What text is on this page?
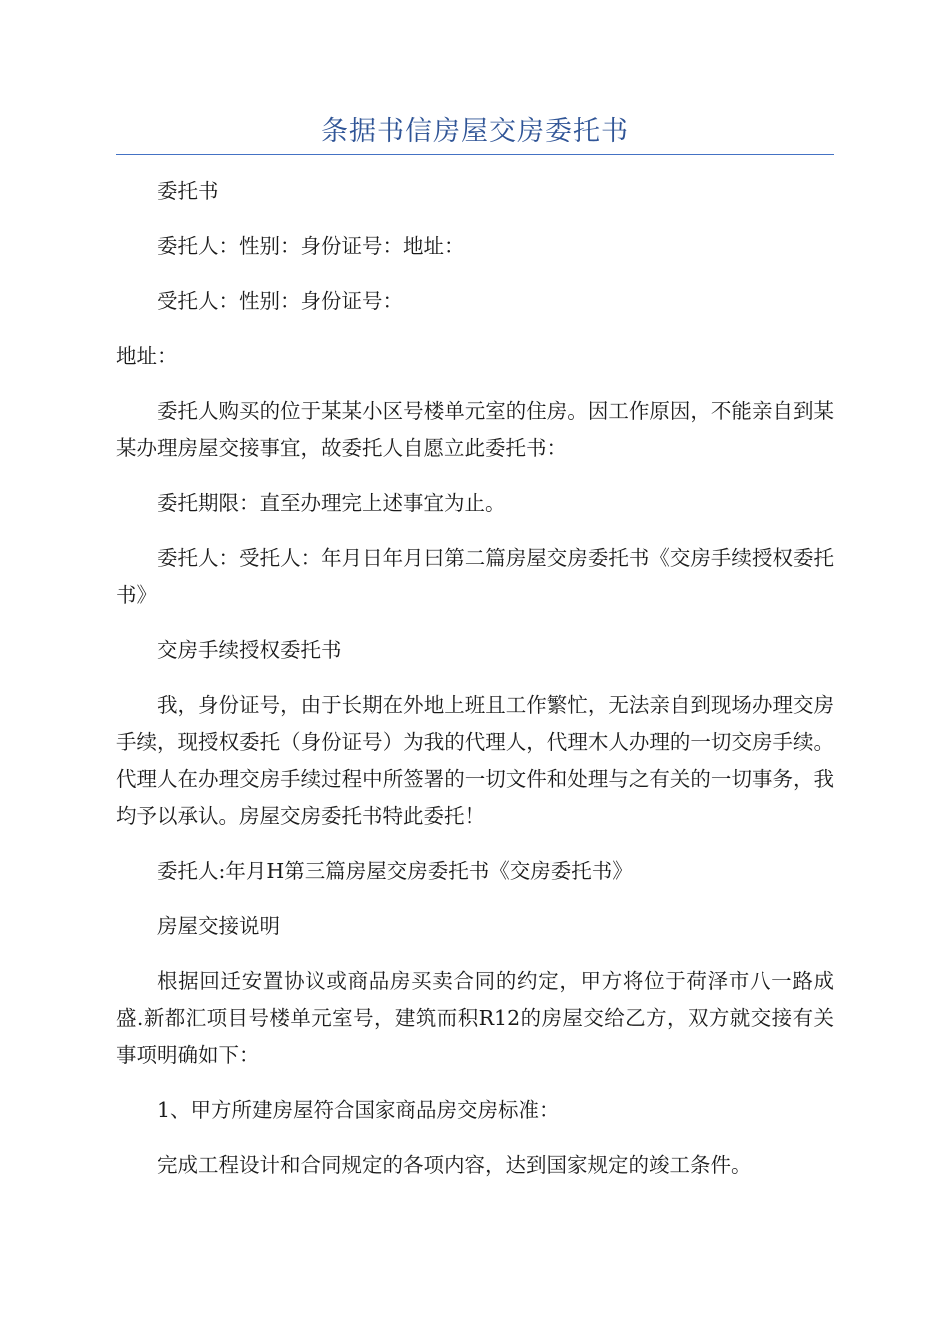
条据书信房屋交房委托书

委托书

委托人：性别：身份证号：地址：

受托人：性别：身份证号：

地址：

委托人购买的位于某某小区号楼单元室的住房。因工作原因，不能亲自到某某办理房屋交接事宜，故委托人自愿立此委托书：

委托期限：直至办理完上述事宜为止。

委托人：受托人：年月日年月曰第二篇房屋交房委托书《交房手续授权委托书》

交房手续授权委托书

我，身份证号，由于长期在外地上班且工作繁忙，无法亲自到现场办理交房手续，现授权委托（身份证号）为我的代理人，代理木人办理的一切交房手续。代理人在办理交房手续过程中所签署的一切文件和处理与之有关的一切事务，我均予以承认。房屋交房委托书特此委托！

委托人:年月H第三篇房屋交房委托书《交房委托书》

房屋交接说明

根据回迁安置协议或商品房买卖合同的约定，甲方将位于荷泽市八一路成盛.新都汇项目号楼单元室号，建筑而积R12的房屋交给乙方，双方就交接有关事项明确如下：

1、甲方所建房屋符合国家商品房交房标准：

完成工程设计和合同规定的各项内容，达到国家规定的竣工条件。
